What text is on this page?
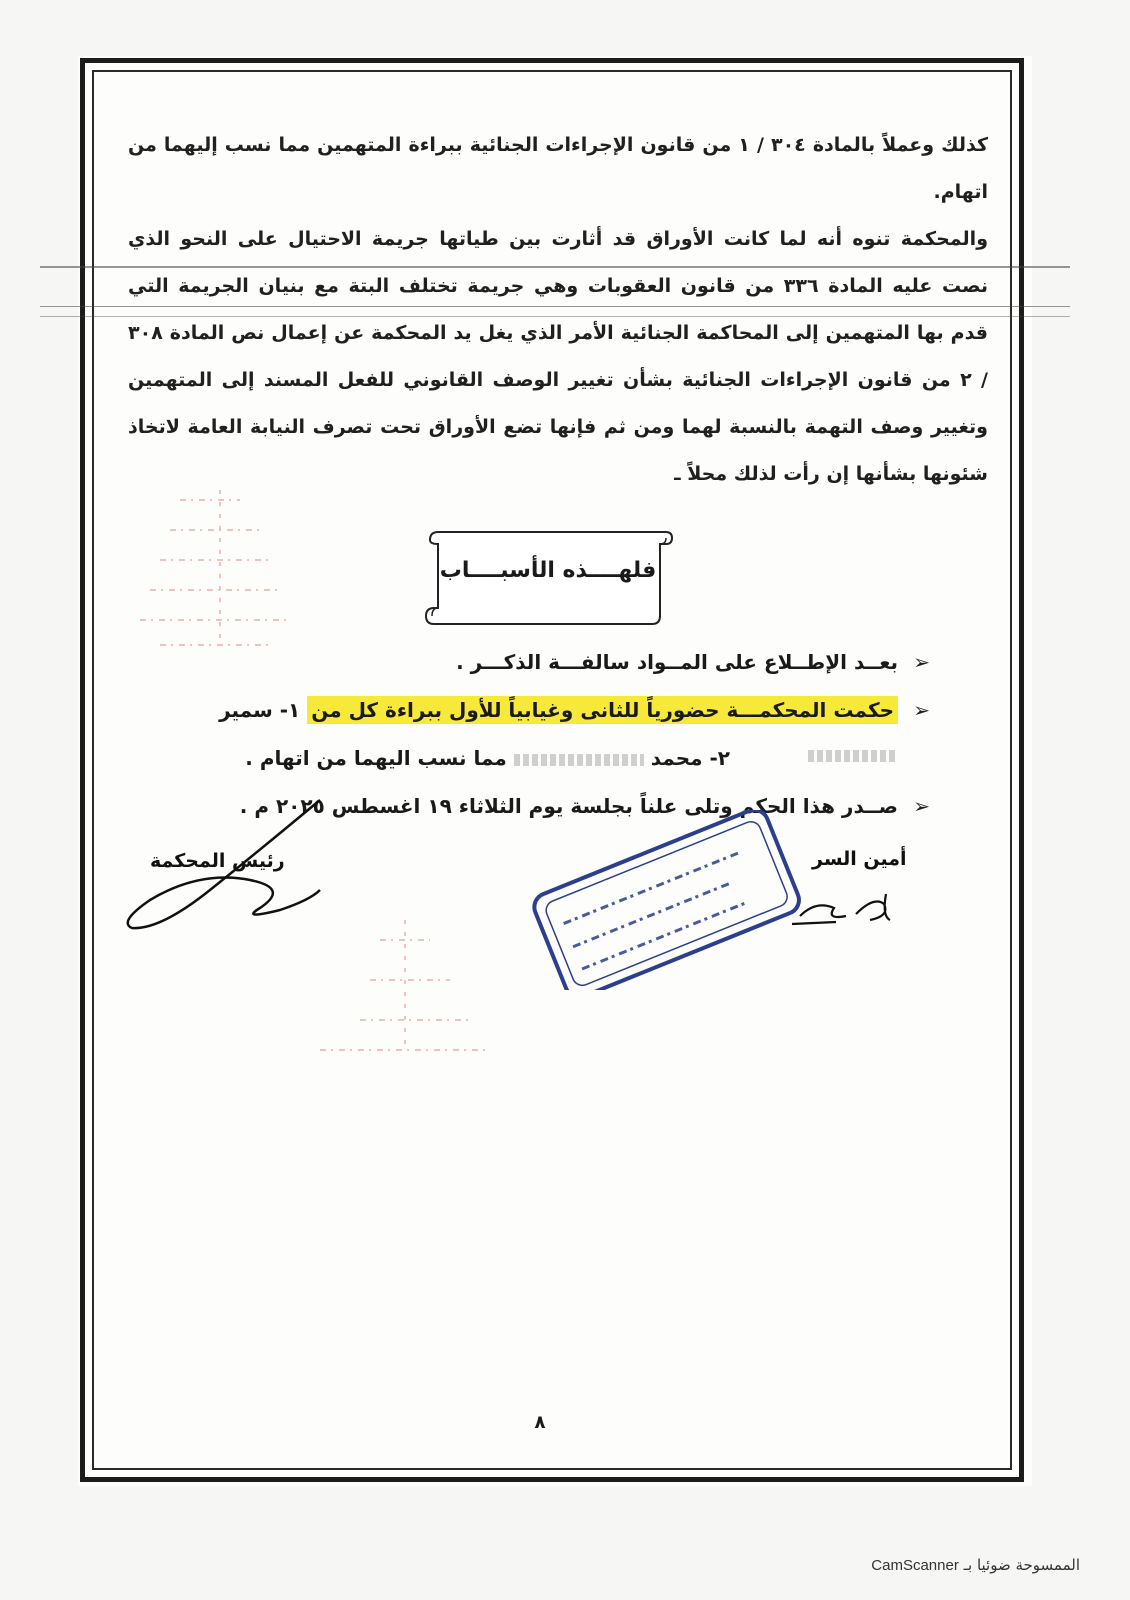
كذلك وعملاً بالمادة ٣٠٤ / ١ من قانون الإجراءات الجنائية ببراءة المتهمين مما نسب إليهما من اتهام.

والمحكمة تنوه أنه لما كانت الأوراق قد أثارت بين طياتها جريمة الاحتيال على النحو الذي نصت عليه المادة ٣٣٦ من قانون العقوبات وهي جريمة تختلف البتة مع بنيان الجريمة التي قدم بها المتهمين إلى المحاكمة الجنائية الأمر الذي يغل يد المحكمة عن إعمال نص المادة ٣٠٨ / ٢ من قانون الإجراءات الجنائية بشأن تغيير الوصف القانوني للفعل المسند إلى المتهمين وتغيير وصف التهمة بالنسبة لهما ومن ثم فإنها تضع الأوراق تحت تصرف النيابة العامة لاتخاذ شئونها بشأنها إن رأت لذلك محلاً ـ

فلهــــذه الأسبــــاب
➢
بعــد الإطــلاع على المــواد سالفـــة الذكـــر .
➢
حكمت المحكمـــة حضورياً للثانى وغيابياً للأول ببراءة كل من ١- سمير
٢- محمد  مما نسب اليهما من اتهام .
➢
صــدر هذا الحكم وتلى علناً بجلسة يوم الثلاثاء ١٩ اغسطس ٢٠٢٥ م .
أمين السر
رئيس المحكمة
٨
الممسوحة ضوئيا بـ CamScanner
